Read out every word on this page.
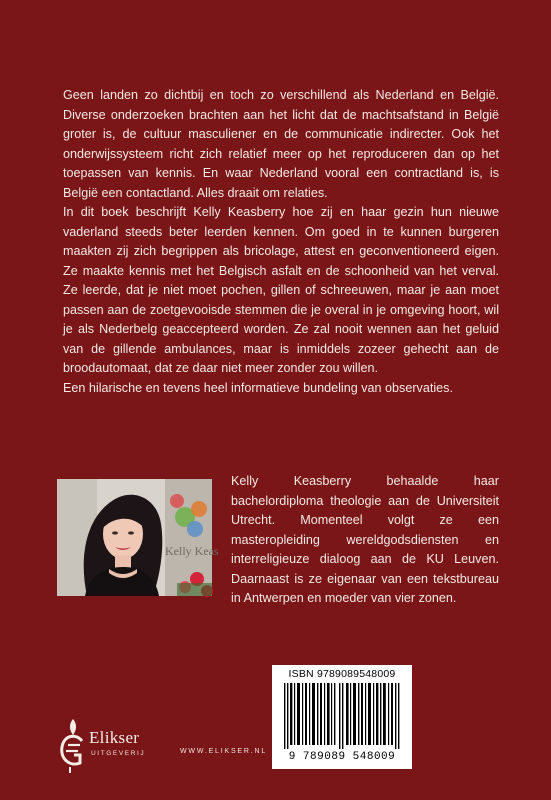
Geen landen zo dichtbij en toch zo verschillend als Nederland en België. Diverse onderzoeken brachten aan het licht dat de machtsafstand in België groter is, de cultuur masculiener en de communicatie indirecter. Ook het onderwijssysteem richt zich relatief meer op het reproduceren dan op het toepassen van kennis. En waar Nederland vooral een contractland is, is België een contactland. Alles draait om relaties.

In dit boek beschrijft Kelly Keasberry hoe zij en haar gezin hun nieuwe vaderland steeds beter leerden kennen. Om goed in te kunnen burgeren maakten zij zich begrippen als bricolage, attest en geconventioneerd eigen. Ze maakte kennis met het Belgisch asfalt en de schoonheid van het verval. Ze leerde, dat je niet moet pochen, gillen of schreeuwen, maar je aan moet passen aan de zoetgevooisde stemmen die je overal in je omgeving hoort, wil je als Nederbelg geaccepteerd worden. Ze zal nooit wennen aan het geluid van de gillende ambulances, maar is inmiddels zozeer gehecht aan de broodautomaat, dat ze daar niet meer zonder zou willen.

Een hilarische en tevens heel informatieve bundeling van observaties.

Kelly Keas
Kelly Keasberry behaalde haar bachelordiploma theologie aan de Universiteit Utrecht. Momenteel volgt ze een masteropleiding wereldgodsdiensten en interreligieuze dialoog aan de KU Leuven. Daarnaast is ze eigenaar van een tekstbureau in Antwerpen en moeder van vier zonen.
ISBN 9789089548009
9 789089 548009
Elikser
UITGEVERIJ	WWW.ELIKSER.NL
